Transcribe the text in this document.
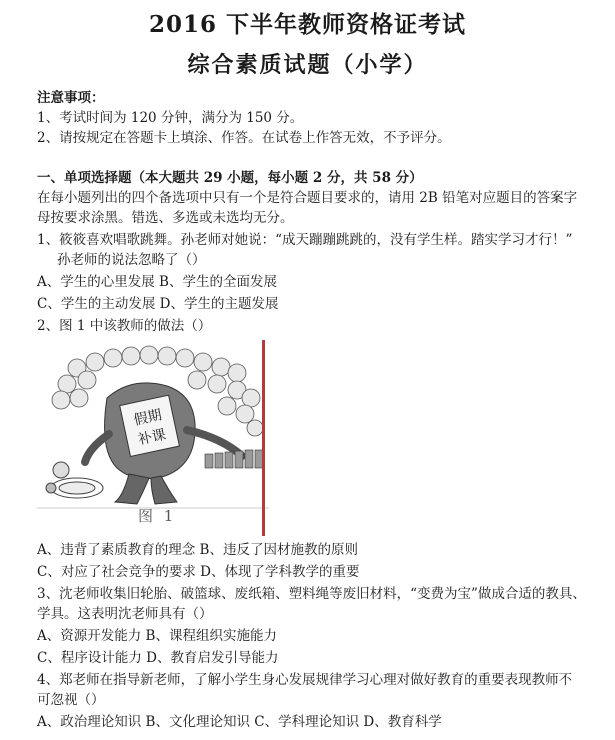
2016 下半年教师资格证考试
综合素质试题（小学）
注意事项：
1、考试时间为 120 分钟，满分为 150 分。
2、请按规定在答题卡上填涂、作答。在试卷上作答无效，不予评分。
一、单项选择题（本大题共 29 小题，每小题 2 分，共 58 分）
在每小题列出的四个备选项中只有一个是符合题目要求的，请用 2B 铅笔对应题目的答案字
母按要求涂黑。错选、多选或未选均无分。
1、筱筱喜欢唱歌跳舞。孙老师对她说：“成天蹦蹦跳跳的，没有学生样。踏实学习才行！”
孙老师的说法忽略了（）
A、学生的心里发展 B、学生的全面发展
C、学生的主动发展 D、学生的主题发展
2、图 1 中该教师的做法（）
假期
补课
图 1
A、违背了素质教育的理念 B、违反了因材施教的原则
C、对应了社会竞争的要求 D、体现了学科教学的重要
3、沈老师收集旧轮胎、破篮球、废纸箱、塑料绳等废旧材料，“变费为宝”做成合适的教具、
学具。这表明沈老师具有（）
A、资源开发能力 B、课程组织实施能力
C、程序设计能力 D、教育启发引导能力
4、郑老师在指导新老师，了解小学生身心发展规律学习心理对做好教育的重要表现教师不
可忽视（）
A、政治理论知识 B、文化理论知识 C、学科理论知识 D、教育科学
